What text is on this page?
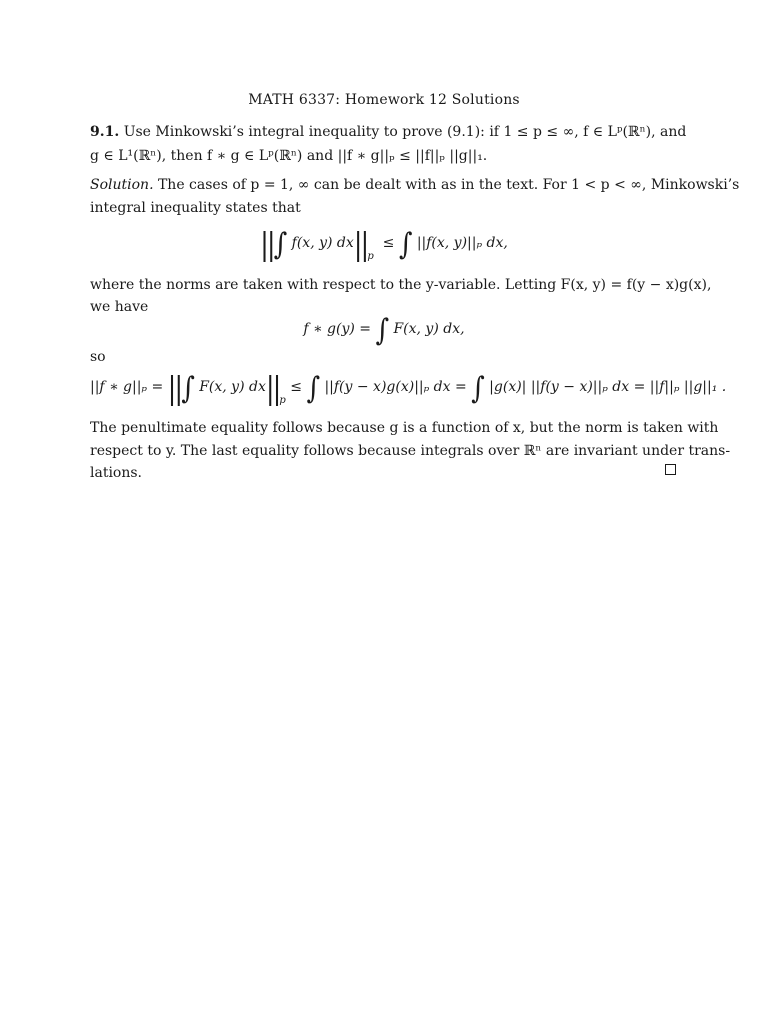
MATH 6337: Homework 12 Solutions
9.1. Use Minkowski’s integral inequality to prove (9.1): if 1 ≤ p ≤ ∞, f ∈ Lᵖ(ℝⁿ), and
g ∈ L¹(ℝⁿ), then f ∗ g ∈ Lᵖ(ℝⁿ) and ||f ∗ g||ₚ ≤ ||f||ₚ ||g||₁.
Solution. The cases of p = 1, ∞ can be dealt with as in the text. For 1 < p < ∞, Minkowski’s
integral inequality states that
||∫ f(x, y) $dx||_p$  ≤ ∫ ||f(x, y)||ₚ dx,
where the norms are taken with respect to the y-variable. Letting F(x, y) = f(y − x)g(x),
we have
f ∗ g(y) = ∫ F(x, y) dx,
so
||f ∗ g||ₚ = ||∫ F(x, y) $dx||_p$ ≤ ∫ ||f(y − x)g(x)||ₚ dx = ∫ |g(x)| ||f(y − x)||ₚ dx = ||f||ₚ ||g||₁ .
The penultimate equality follows because g is a function of x, but the norm is taken with
respect to y. The last equality follows because integrals over ℝⁿ are invariant under trans-
lations.
